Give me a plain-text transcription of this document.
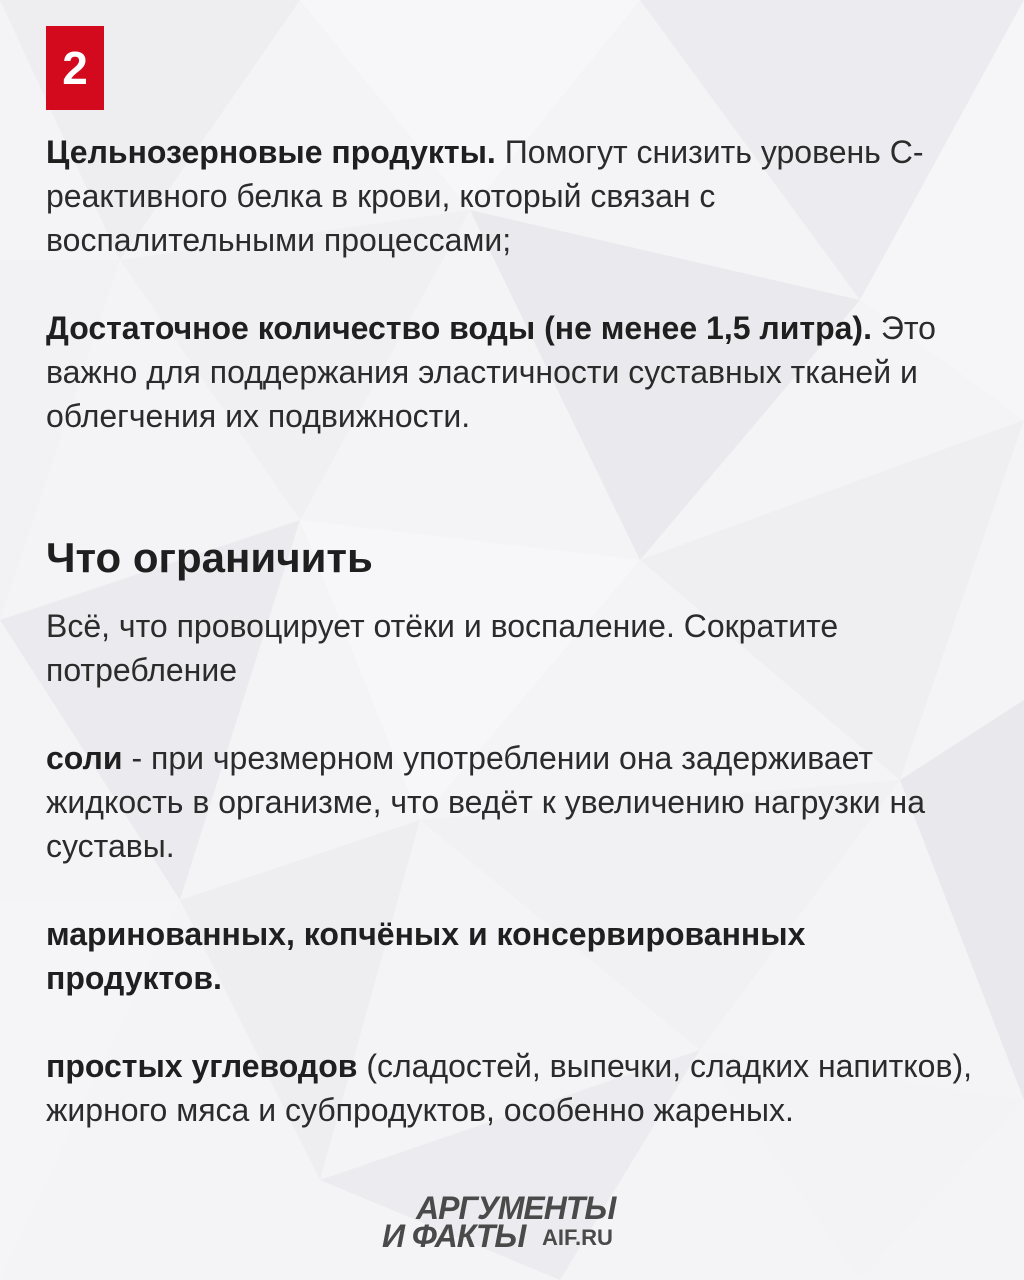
2

Цельнозерновые продукты. Помогут снизить уровень С-реактивного белка в крови, который связан с воспалительными процессами;

Достаточное количество воды (не менее 1,5 литра). Это важно для поддержания эластичности суставных тканей и облегчения их подвижности.

Что ограничить

Всё, что провоцирует отёки и воспаление. Сократите потребление

соли - при чрезмерном употреблении она задерживает жидкость в организме, что ведёт к увеличению нагрузки на суставы.

маринованных, копчёных и консервированных продуктов.

простых углеводов (сладостей, выпечки, сладких напитков), жирного мяса и субпродуктов, особенно жареных.

АРГУМЕНТЫ
И ФАКТЫ AIF.RU
